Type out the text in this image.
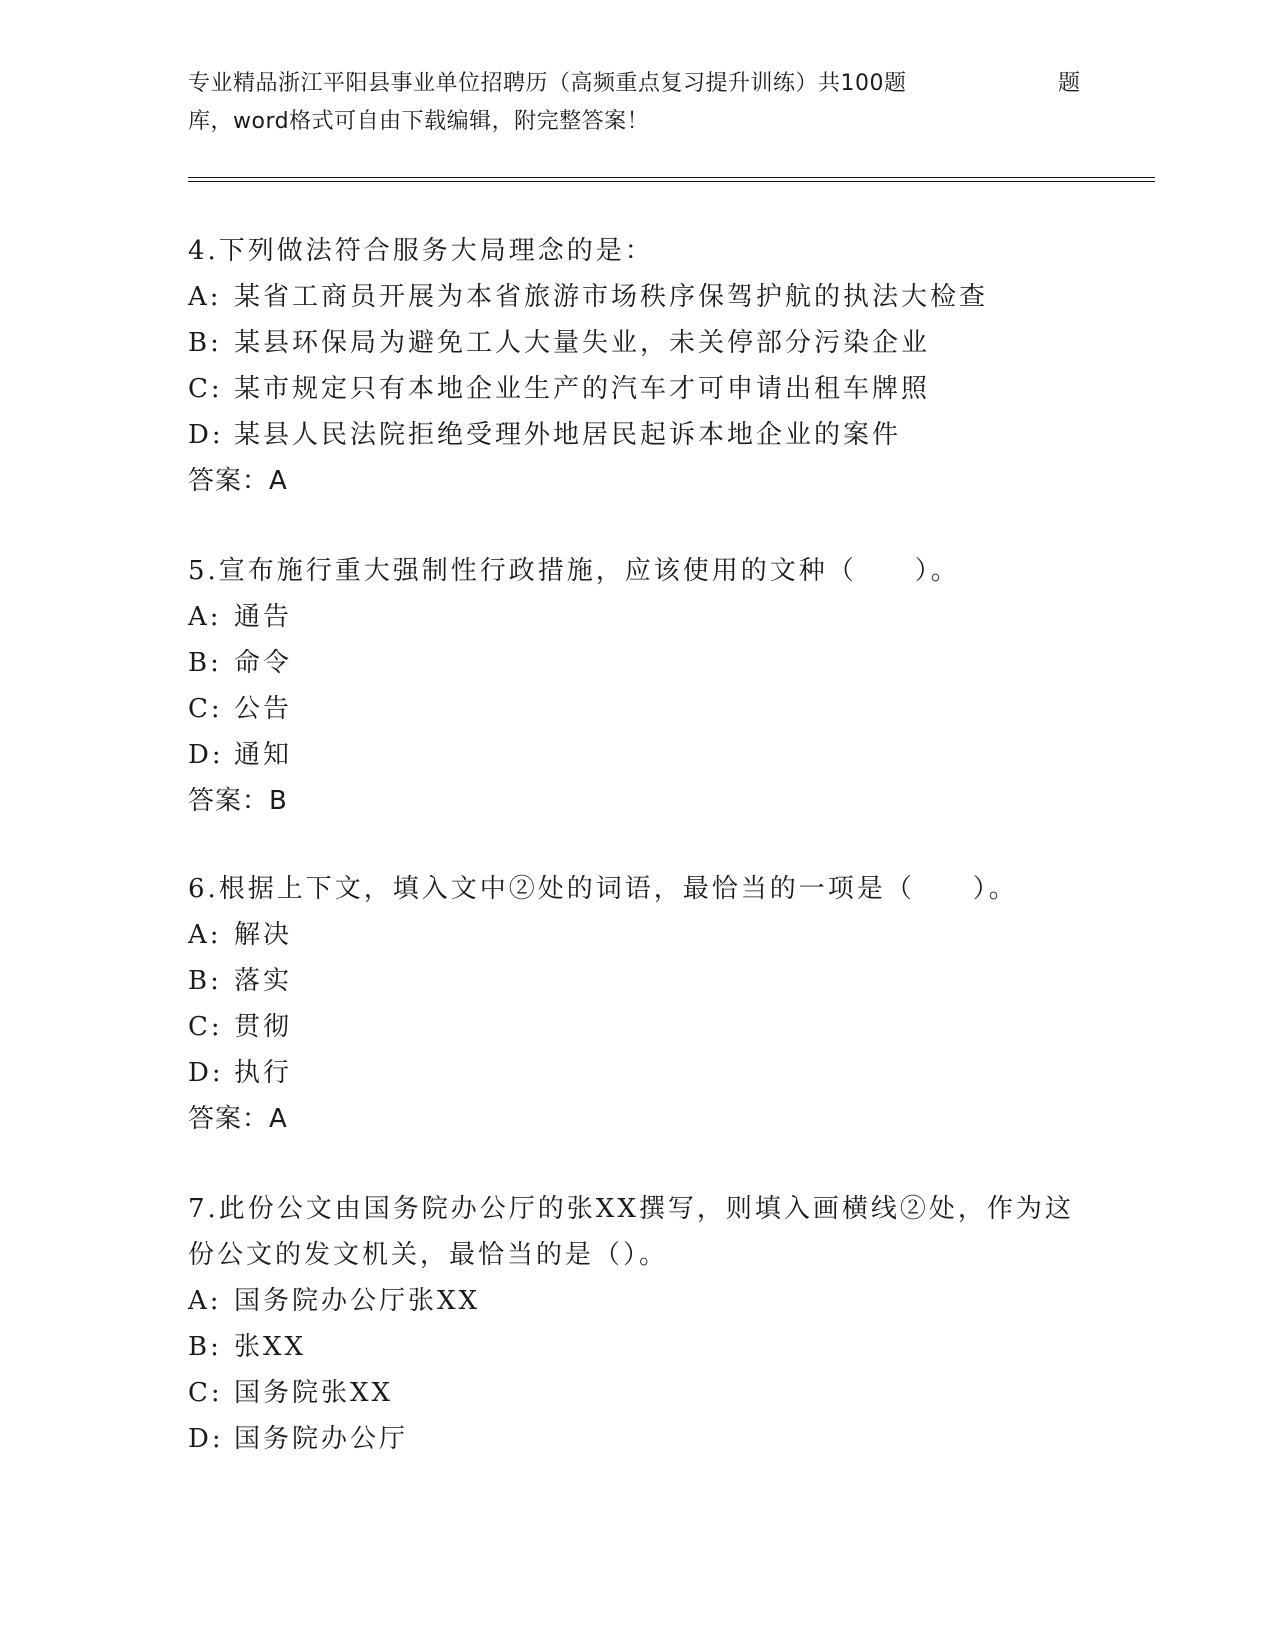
专业精品浙江平阳县事业单位招聘历（高频重点复习提升训练）共100题	题
库，word格式可自由下载编辑，附完整答案！
4.下列做法符合服务大局理念的是：
A: 某省工商员开展为本省旅游市场秩序保驾护航的执法大检查
B: 某县环保局为避免工人大量失业，未关停部分污染企业
C: 某市规定只有本地企业生产的汽车才可申请出租车牌照
D: 某县人民法院拒绝受理外地居民起诉本地企业的案件
答案：A
5.宣布施行重大强制性行政措施，应该使用的文种（　　）。
A: 通告
B: 命令
C: 公告
D: 通知
答案：B
6.根据上下文，填入文中②处的词语，最恰当的一项是（　　）。
A: 解决
B: 落实
C: 贯彻
D: 执行
答案：A
7.此份公文由国务院办公厅的张XX撰写，则填入画横线②处，作为这
份公文的发文机关，最恰当的是（）。
A: 国务院办公厅张XX
B: 张XX
C: 国务院张XX
D: 国务院办公厅
